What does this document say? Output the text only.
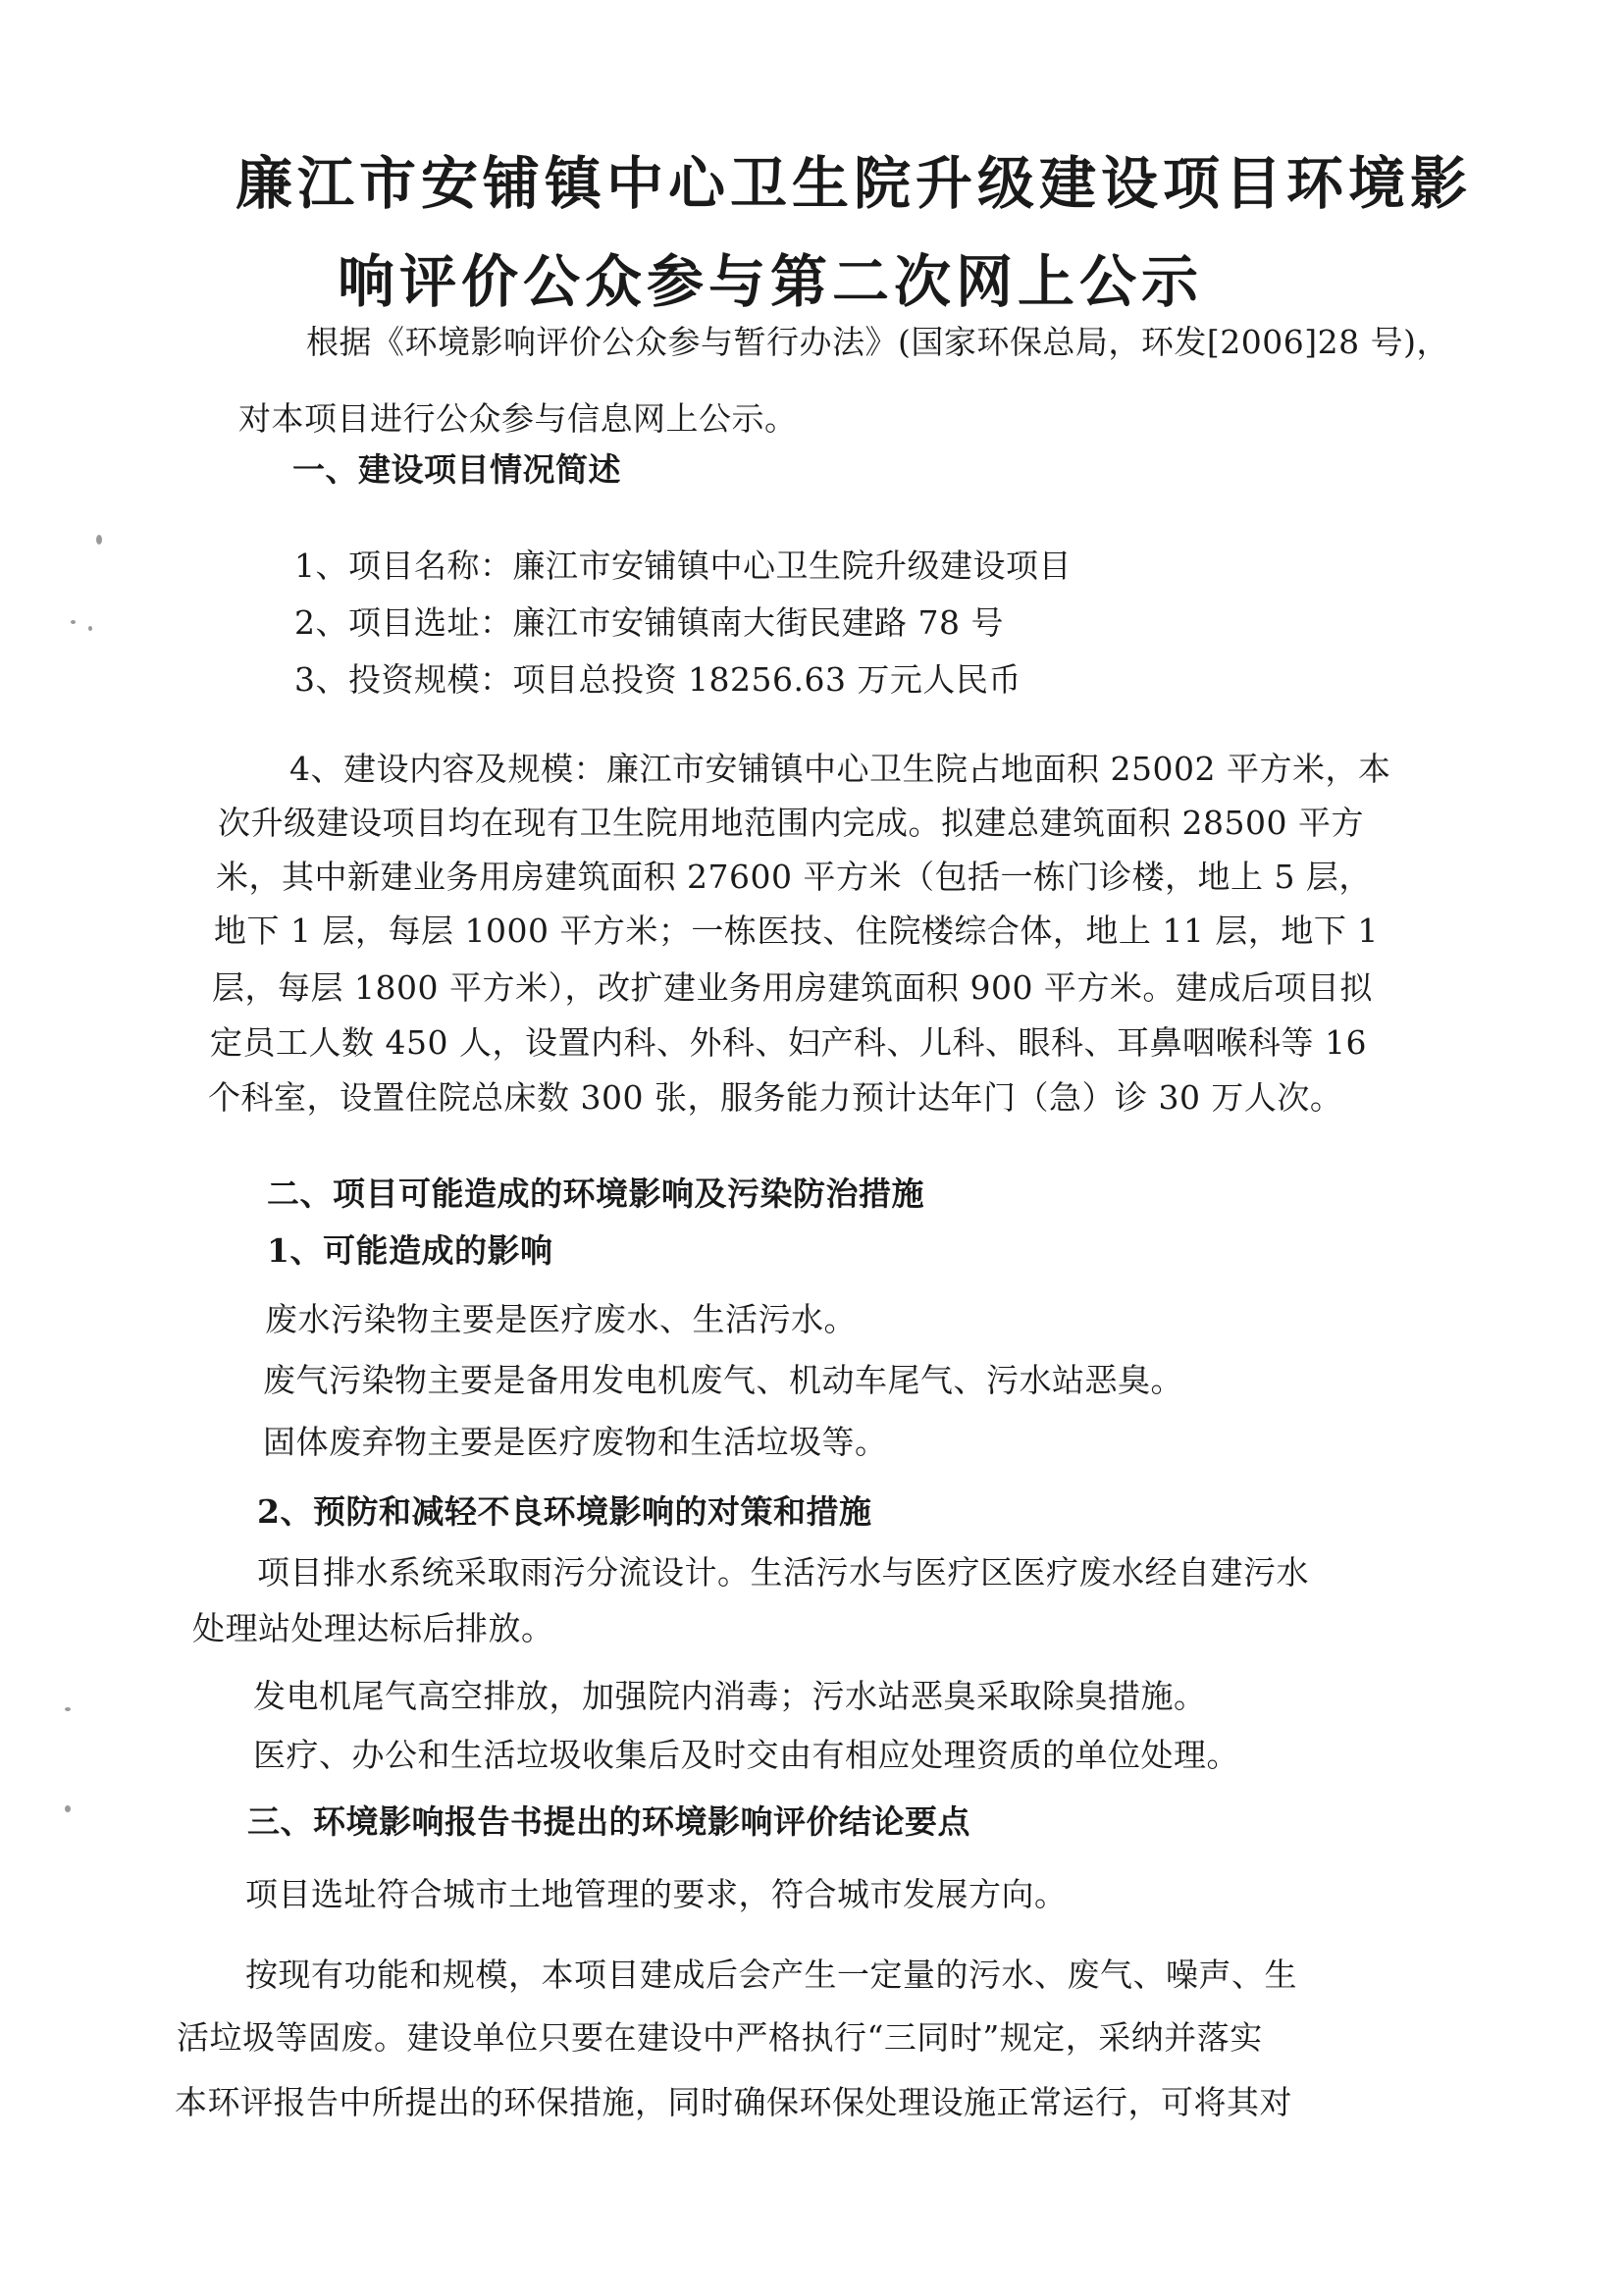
廉江市安铺镇中心卫生院升级建设项目环境影
响评价公众参与第二次网上公示
根据《环境影响评价公众参与暂行办法》(国家环保总局，环发[2006]28 号)，
对本项目进行公众参与信息网上公示。
一、建设项目情况简述
1、项目名称：廉江市安铺镇中心卫生院升级建设项目
2、项目选址：廉江市安铺镇南大街民建路 78 号
3、投资规模：项目总投资 18256.63 万元人民币
4、建设内容及规模：廉江市安铺镇中心卫生院占地面积 25002 平方米，本
次升级建设项目均在现有卫生院用地范围内完成。拟建总建筑面积 28500 平方
米，其中新建业务用房建筑面积 27600 平方米（包括一栋门诊楼，地上 5 层，
地下 1 层，每层 1000 平方米；一栋医技、住院楼综合体，地上 11 层，地下 1
层，每层 1800 平方米），改扩建业务用房建筑面积 900 平方米。建成后项目拟
定员工人数 450 人，设置内科、外科、妇产科、儿科、眼科、耳鼻咽喉科等 16
个科室，设置住院总床数 300 张，服务能力预计达年门（急）诊 30 万人次。
二、项目可能造成的环境影响及污染防治措施
1、可能造成的影响
废水污染物主要是医疗废水、生活污水。
废气污染物主要是备用发电机废气、机动车尾气、污水站恶臭。
固体废弃物主要是医疗废物和生活垃圾等。
2、预防和减轻不良环境影响的对策和措施
项目排水系统采取雨污分流设计。生活污水与医疗区医疗废水经自建污水
处理站处理达标后排放。
发电机尾气高空排放，加强院内消毒；污水站恶臭采取除臭措施。
医疗、办公和生活垃圾收集后及时交由有相应处理资质的单位处理。
三、环境影响报告书提出的环境影响评价结论要点
项目选址符合城市土地管理的要求，符合城市发展方向。
按现有功能和规模，本项目建成后会产生一定量的污水、废气、噪声、生
活垃圾等固废。建设单位只要在建设中严格执行“三同时”规定，采纳并落实
本环评报告中所提出的环保措施，同时确保环保处理设施正常运行，可将其对
